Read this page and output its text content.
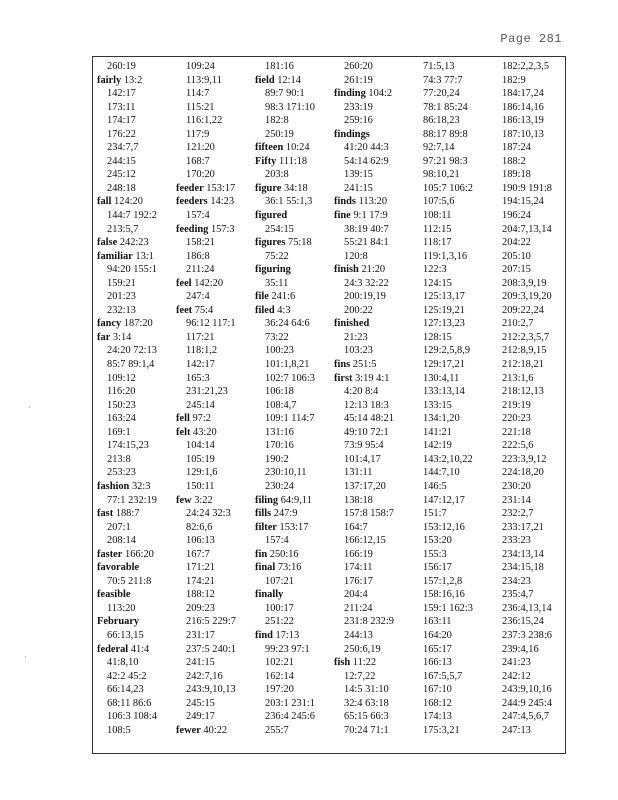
Page 281
⸱
⸱
260:19
fairly 13:2
142:17
173:11
174:17
176:22
234:7,7
244:15
245:12
248:18
fall 124:20
144:7 192:2
213:5,7
false 242:23
familiar 13:1
94:20 155:1
159:21
201:23
232:13
fancy 187:20
far 3:14
24:20 72:13
85:7 89:1,4
109:12
116:20
150:23
163:24
169:1
174:15,23
213:8
253:23
fashion 32:3
77:1 232:19
fast 188:7
207:1
208:14
faster 166:20
favorable
70:5 211:8
feasible
113:20
February
66:13,15
federal 41:4
41:8,10
42:2 45:2
66:14,23
68:11 86:6
106:3 108:4
108:5
109:24
113:9,11
114:7
115:21
116:1,22
117:9
121:20
168:7
170:20
feeder 153:17
feeders 14:23
157:4
feeding 157:3
158:21
186:8
211:24
feel 142:20
247:4
feet 75:4
96:12 117:1
117:21
118:1,2
142:17
165:3
231:21,23
245:14
fell 97:2
felt 43:20
104:14
105:19
129:1,6
150:11
few 3:22
24:24 32:3
82:6,6
106:13
167:7
171:21
174:21
188:12
209:23
216:5 229:7
231:17
237:5 240:1
241:15
242:7,16
243:9,10,13
245:15
249:17
fewer 40:22
181:16
field 12:14
89:7 90:1
98:3 171:10
182:8
250:19
fifteen 10:24
Fifty 111:18
203:8
figure 34:18
36:1 55:1,3
figured
254:15
figures 75:18
75:22
figuring
35:11
file 241:6
filed 4:3
36:24 64:6
73:22
100:23
101:1,8,21
102:7 106:3
106:18
108:4,7
109:1 114:7
131:16
170:16
190:2
230:10,11
230:24
filing 64:9,11
fills 247:9
filter 153:17
157:4
fin 250:16
final 73:16
107:21
finally
100:17
251:22
find 17:13
99:23 97:1
102:21
162:14
197:20
203:1 231:1
236:4 245:6
255:7
260:20
261:19
finding 104:2
233:19
259:16
findings
41:20 44:3
54:14 62:9
139:15
241:15
finds 113:20
fine 9:1 17:9
38:19 40:7
55:21 84:1
120:8
finish 21:20
24:3 32:22
200:19,19
200:22
finished
21:23
103:23
fins 251:5
first 3:19 4:1
4:20 8:4
12:13 18:3
45:14 48:21
49:10 72:1
73:9 95:4
101:4,17
131:11
137:17,20
138:18
157:8 158:7
164:7
166:12,15
166:19
174:11
176:17
204:4
211:24
231:8 232:9
244:13
250:6,19
fish 11:22
12:7,22
14:5 31:10
32:4 63:18
65:15 66:3
70:24 71:1
71:5,13
74:3 77:7
77:20,24
78:1 85:24
86:18,23
88:17 89:8
92:7,14
97:21 98:3
98:10,21
105:7 106:2
107:5,6
108:11
112:15
118:17
119:1,3,16
122:3
124:15
125:13,17
125:19,21
127:13,23
128:15
129:2,5,8,9
129:17,21
130:4,11
133:13,14
133:15
134:1,20
141:21
142:19
143:2,10,22
144:7,10
146:5
147:12,17
151:7
153:12,16
153:20
155:3
156:17
157:1,2,8
158:16,16
159:1 162:3
163:11
164:20
165:17
166:13
167:5,5,7
167:10
168:12
174:13
175:3,21
182:2,2,3,5
182:9
184:17,24
186:14,16
186:13,19
187:10,13
187:24
188:2
189:18
190:9 191:8
194:15,24
196:24
204:7,13,14
204:22
205:10
207:15
208:3,9,19
209:3,19,20
209:22,24
210:2,7
212:2,3,5,7
212:8,9,15
212:18,21
213:1,6
218:12,13
219:19
220:23
221:18
222:5,6
223:3,9,12
224:18,20
230:20
231:14
232:2,7
233:17,21
233:23
234:13,14
234:15,18
234:23
235:4,7
236:4,13,14
236:15,24
237:3 238:6
239:4,16
241:23
242:12
243:9,10,16
244:9 245:4
247:4,5,6,7
247:13
